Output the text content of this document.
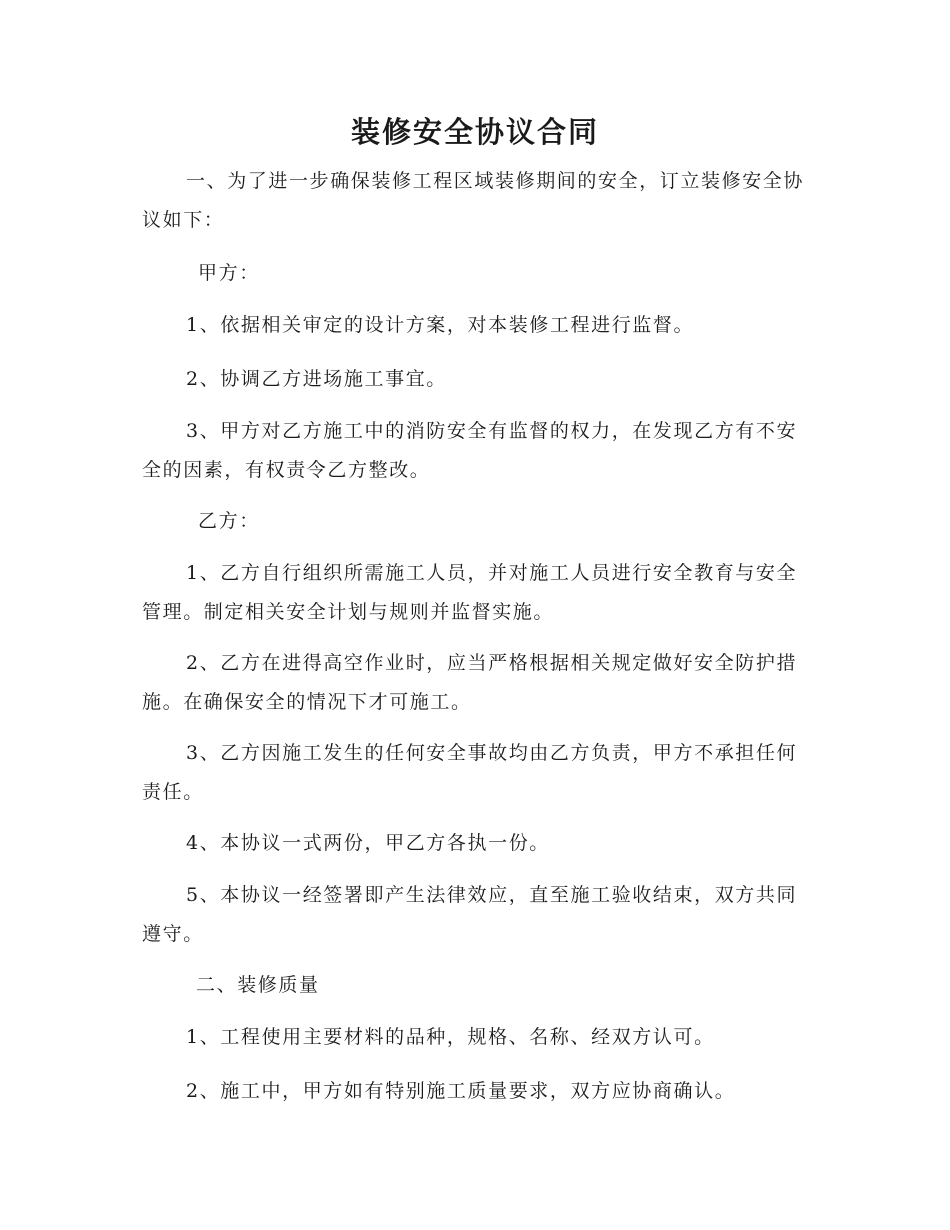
装修安全协议合同

一、为了进一步确保装修工程区域装修期间的安全，订立装修安全协议如下：

甲方：

1、依据相关审定的设计方案，对本装修工程进行监督。

2、协调乙方进场施工事宜。

3、甲方对乙方施工中的消防安全有监督的权力，在发现乙方有不安全的因素，有权责令乙方整改。

乙方：

1、乙方自行组织所需施工人员，并对施工人员进行安全教育与安全管理。制定相关安全计划与规则并监督实施。

2、乙方在进得高空作业时，应当严格根据相关规定做好安全防护措施。在确保安全的情况下才可施工。

3、乙方因施工发生的任何安全事故均由乙方负责，甲方不承担任何责任。

4、本协议一式两份，甲乙方各执一份。

5、本协议一经签署即产生法律效应，直至施工验收结束，双方共同遵守。

二、装修质量

1、工程使用主要材料的品种，规格、名称、经双方认可。

2、施工中，甲方如有特别施工质量要求，双方应协商确认。
